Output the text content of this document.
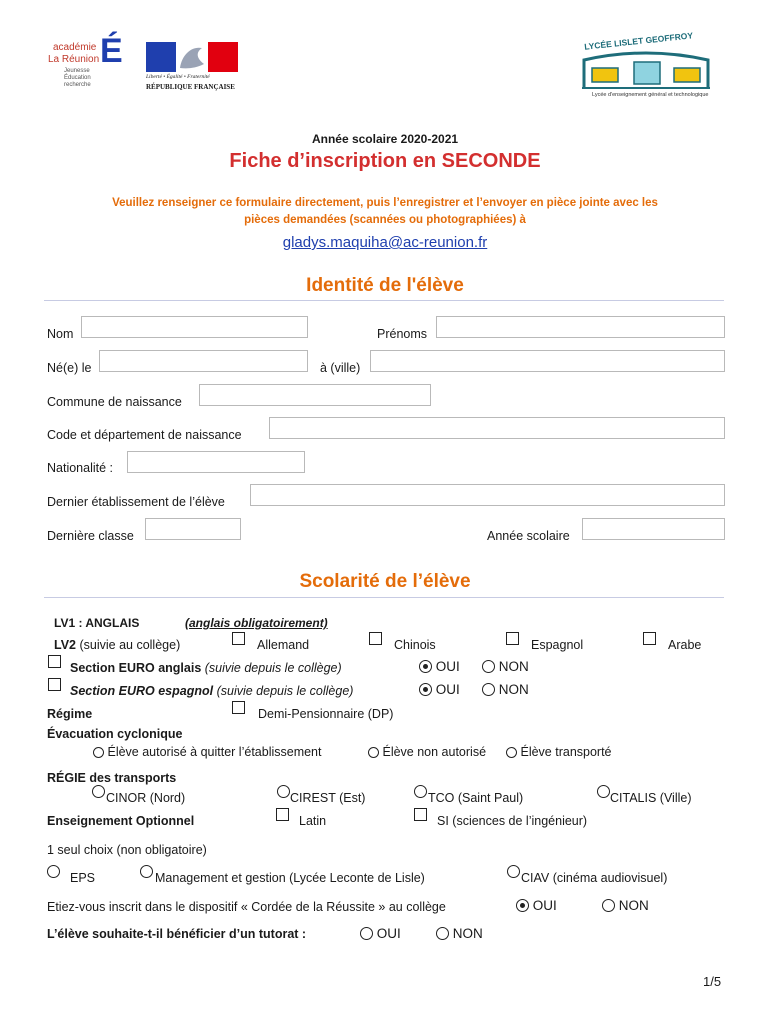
académie
La Réunion É
Jeunesse
Éducation
recherche
Liberté • Égalité • Fraternité
RÉPUBLIQUE FRANÇAISE
LYCÉE LISLET GEOFFROY
Lycée d'enseignement général et technologique
Année scolaire 2020-2021
Fiche d’inscription en SECONDE
Veuillez renseigner ce formulaire directement, puis l’enregistrer et l’envoyer en pièce jointe avec les
pièces demandées (scannées ou photographiées) à
gladys.maquiha@ac-reunion.fr
Identité de l'élève
Nom	Prénoms
Né(e) le	à (ville)
Commune de naissance
Code et département de naissance
Nationalité :
Dernier établissement de l’élève
Dernière classe	Année scolaire
Scolarité de l’élève
LV1 : ANGLAIS	(anglais obligatoirement)
LV2 (suivie au collège)	Allemand	Chinois	Espagnol	Arabe
Section EURO anglais (suivie depuis le collège)	OUI	NON
Section EURO espagnol (suivie depuis le collège)	OUI	NON
Régime	Demi-Pensionnaire (DP)
Évacuation cyclonique
Élève autorisé à quitter l’établissement	Élève non autorisé	Élève transporté
RÉGIE des transports
CINOR (Nord)	CIREST (Est)	TCO (Saint Paul)	CITALIS (Ville)
Enseignement Optionnel	Latin	SI (sciences de l’ingénieur)
1 seul choix (non obligatoire)
EPS	Management et gestion (Lycée Leconte de Lisle)	CIAV (cinéma audiovisuel)
Etiez-vous inscrit dans le dispositif « Cordée de la Réussite » au collège	OUI	NON
L’élève souhaite-t-il bénéficier d’un tutorat :	OUI	NON
1/5
